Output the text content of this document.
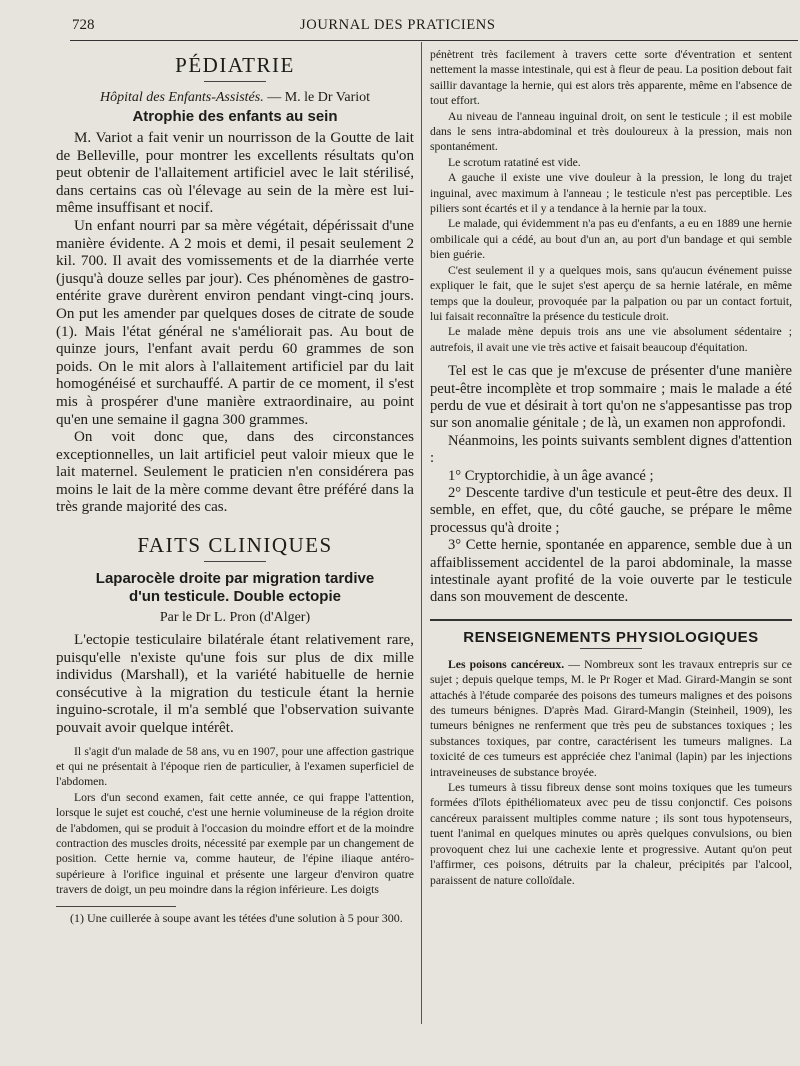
728	JOURNAL DES PRATICIENS
PÉDIATRIE
Hôpital des Enfants-Assistés. — M. le Dr Variot
Atrophie des enfants au sein

M. Variot a fait venir un nourrisson de la Goutte de lait de Belleville, pour montrer les excellents résultats qu'on peut obtenir de l'allaitement artificiel avec le lait stérilisé, dans certains cas où l'élevage au sein de la mère est lui-même insuffisant et nocif.

Un enfant nourri par sa mère végétait, dépérissait d'une manière évidente. A 2 mois et demi, il pesait seulement 2 kil. 700. Il avait des vomissements et de la diarrhée verte (jusqu'à douze selles par jour). Ces phénomènes de gastro-entérite grave durèrent environ pendant vingt-cinq jours. On put les amender par quelques doses de citrate de soude (1). Mais l'état général ne s'améliorait pas. Au bout de quinze jours, l'enfant avait perdu 60 grammes de son poids. On le mit alors à l'allaitement artificiel par du lait homogénéisé et surchauffé. A partir de ce moment, il s'est mis à prospérer d'une manière extraordinaire, au point qu'en une semaine il gagna 300 grammes.

On voit donc que, dans des circonstances exceptionnelles, un lait artificiel peut valoir mieux que le lait maternel. Seulement le praticien n'en considérera pas moins le lait de la mère comme devant être préféré dans la très grande majorité des cas.

FAITS CLINIQUES
Laparocèle droite par migration tardive
d'un testicule. Double ectopie
Par le Dr L. Pron (d'Alger)

L'ectopie testiculaire bilatérale étant relativement rare, puisqu'elle n'existe qu'une fois sur plus de dix mille individus (Marshall), et la variété habituelle de hernie consécutive à la migration du testicule étant la hernie inguino-scrotale, il m'a semblé que l'observation suivante pouvait avoir quelque intérêt.

Il s'agit d'un malade de 58 ans, vu en 1907, pour une affection gastrique et qui ne présentait à l'époque rien de particulier, à l'examen superficiel de l'abdomen.

Lors d'un second examen, fait cette année, ce qui frappe l'attention, lorsque le sujet est couché, c'est une hernie volumineuse de la région droite de l'abdomen, qui se produit à l'occasion du moindre effort et de la moindre contraction des muscles droits, nécessité par exemple par un changement de position. Cette hernie va, comme hauteur, de l'épine iliaque antéro-supérieure à l'orifice inguinal et présente une largeur d'environ quatre travers de doigt, un peu moindre dans la région inférieure. Les doigts

(1) Une cuillerée à soupe avant les tétées d'une solution à 5 pour 300.

pénètrent très facilement à travers cette sorte d'éventration et sentent nettement la masse intestinale, qui est à fleur de peau. La position debout fait saillir davantage la hernie, qui est alors très apparente, même en l'absence de tout effort.

Au niveau de l'anneau inguinal droit, on sent le testicule ; il est mobile dans le sens intra-abdominal et très douloureux à la pression, mais non spontanément.

Le scrotum ratatiné est vide.

A gauche il existe une vive douleur à la pression, le long du trajet inguinal, avec maximum à l'anneau ; le testicule n'est pas perceptible. Les piliers sont écartés et il y a tendance à la hernie par la toux.

Le malade, qui évidemment n'a pas eu d'enfants, a eu en 1889 une hernie ombilicale qui a cédé, au bout d'un an, au port d'un bandage et qui semble bien guérie.

C'est seulement il y a quelques mois, sans qu'aucun événement puisse expliquer le fait, que le sujet s'est aperçu de sa hernie latérale, en même temps que la douleur, provoquée par la palpation ou par un contact fortuit, lui faisait reconnaître la présence du testicule droit.

Le malade mène depuis trois ans une vie absolument sédentaire ; autrefois, il avait une vie très active et faisait beaucoup d'équitation.

Tel est le cas que je m'excuse de présenter d'une manière peut-être incomplète et trop sommaire ; mais le malade a été perdu de vue et désirait à tort qu'on ne s'appesantisse pas trop sur son anomalie génitale ; de là, un examen non approfondi.

Néanmoins, les points suivants semblent dignes d'attention :

1° Cryptorchidie, à un âge avancé ;

2° Descente tardive d'un testicule et peut-être des deux. Il semble, en effet, que, du côté gauche, se prépare le même processus qu'à droite ;

3° Cette hernie, spontanée en apparence, semble due à un affaiblissement accidentel de la paroi abdominale, la masse intestinale ayant profité de la voie ouverte par le testicule dans son mouvement de descente.

RENSEIGNEMENTS PHYSIOLOGIQUES

Les poisons cancéreux. — Nombreux sont les travaux entrepris sur ce sujet ; depuis quelque temps, M. le Pr Roger et Mad. Girard-Mangin se sont attachés à l'étude comparée des poisons des tumeurs malignes et des poisons des tumeurs bénignes. D'après Mad. Girard-Mangin (Steinheil, 1909), les tumeurs bénignes ne renferment que très peu de substances toxiques ; les substances toxiques, par contre, caractérisent les tumeurs malignes. La toxicité de ces tumeurs est appréciée chez l'animal (lapin) par les injections intraveineuses de substance broyée.

Les tumeurs à tissu fibreux dense sont moins toxiques que les tumeurs formées d'îlots épithéliomateux avec peu de tissu conjonctif. Ces poisons cancéreux paraissent multiples comme nature ; ils sont tous hypotenseurs, tuent l'animal en quelques minutes ou après quelques convulsions, ou bien provoquent chez lui une cachexie lente et progressive. Autant qu'on peut l'affirmer, ces poisons, détruits par la chaleur, précipités par l'alcool, paraissent de nature colloïdale.
